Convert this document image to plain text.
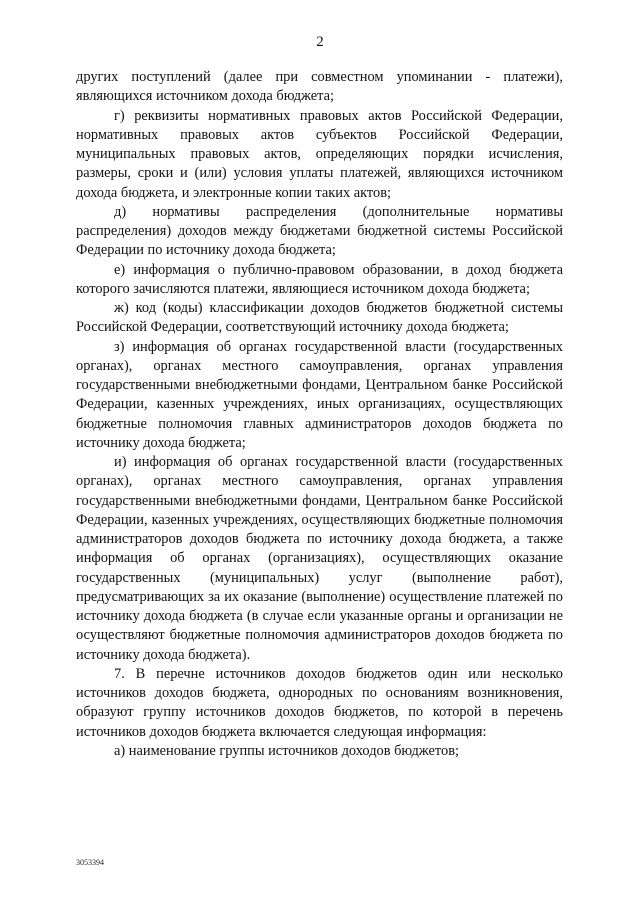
2

других поступлений (далее при совместном упоминании - платежи), являющихся источником дохода бюджета;

г) реквизиты нормативных правовых актов Российской Федерации, нормативных правовых актов субъектов Российской Федерации, муниципальных правовых актов, определяющих порядки исчисления, размеры, сроки и (или) условия уплаты платежей, являющихся источником дохода бюджета, и электронные копии таких актов;

д) нормативы распределения (дополнительные нормативы распределения) доходов между бюджетами бюджетной системы Российской Федерации по источнику дохода бюджета;

е) информация о публично-правовом образовании, в доход бюджета которого зачисляются платежи, являющиеся источником дохода бюджета;

ж) код (коды) классификации доходов бюджетов бюджетной системы Российской Федерации, соответствующий источнику дохода бюджета;

з) информация об органах государственной власти (государственных органах), органах местного самоуправления, органах управления государственными внебюджетными фондами, Центральном банке Российской Федерации, казенных учреждениях, иных организациях, осуществляющих бюджетные полномочия главных администраторов доходов бюджета по источнику дохода бюджета;

и) информация об органах государственной власти (государственных органах), органах местного самоуправления, органах управления государственными внебюджетными фондами, Центральном банке Российской Федерации, казенных учреждениях, осуществляющих бюджетные полномочия администраторов доходов бюджета по источнику дохода бюджета, а также информация об органах (организациях), осуществляющих оказание государственных (муниципальных) услуг (выполнение работ), предусматривающих за их оказание (выполнение) осуществление платежей по источнику дохода бюджета (в случае если указанные органы и организации не осуществляют бюджетные полномочия администраторов доходов бюджета по источнику дохода бюджета).

7. В перечне источников доходов бюджетов один или несколько источников доходов бюджета, однородных по основаниям возникновения, образуют группу источников доходов бюджетов, по которой в перечень источников доходов бюджета включается следующая информация:

а) наименование группы источников доходов бюджетов;

3053394
